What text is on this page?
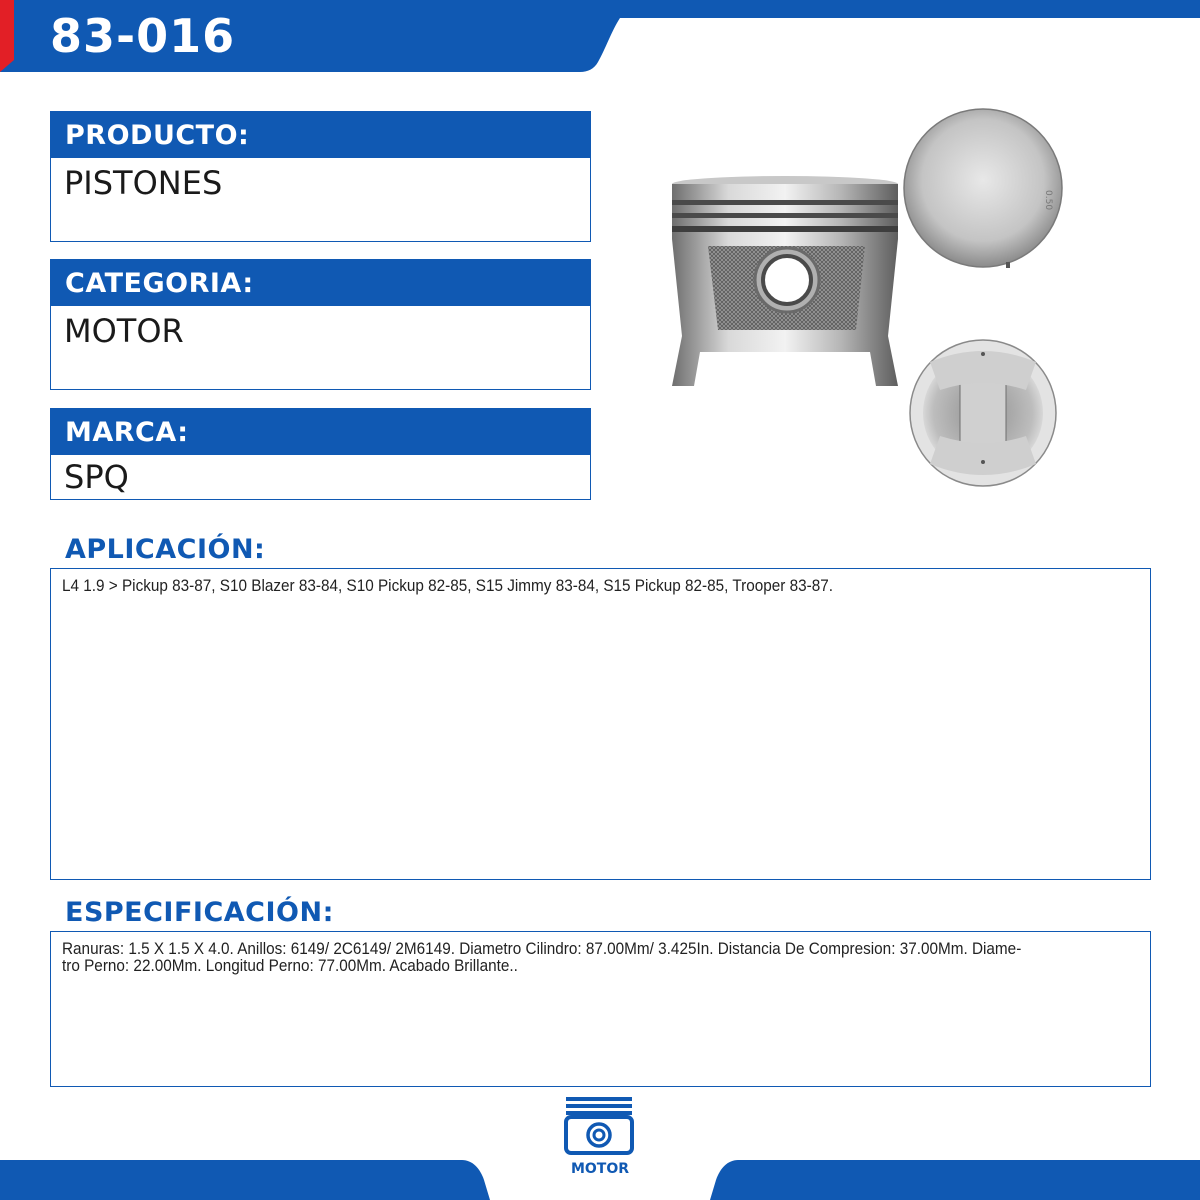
83-016
PRODUCTO:
PISTONES
CATEGORIA:
MOTOR
MARCA:
SPQ
0.50
APLICACIÓN:
L4 1.9 > Pickup 83-87, S10 Blazer 83-84, S10 Pickup 82-85, S15 Jimmy 83-84, S15 Pickup 82-85, Trooper 83-87.
ESPECIFICACIÓN:
Ranuras: 1.5 X 1.5 X 4.0. Anillos: 6149/ 2C6149/ 2M6149. Diametro Cilindro: 87.00Mm/ 3.425In. Distancia De Compresion: 37.00Mm. Diame-
tro Perno: 22.00Mm. Longitud Perno: 77.00Mm. Acabado Brillante..
MOTOR
